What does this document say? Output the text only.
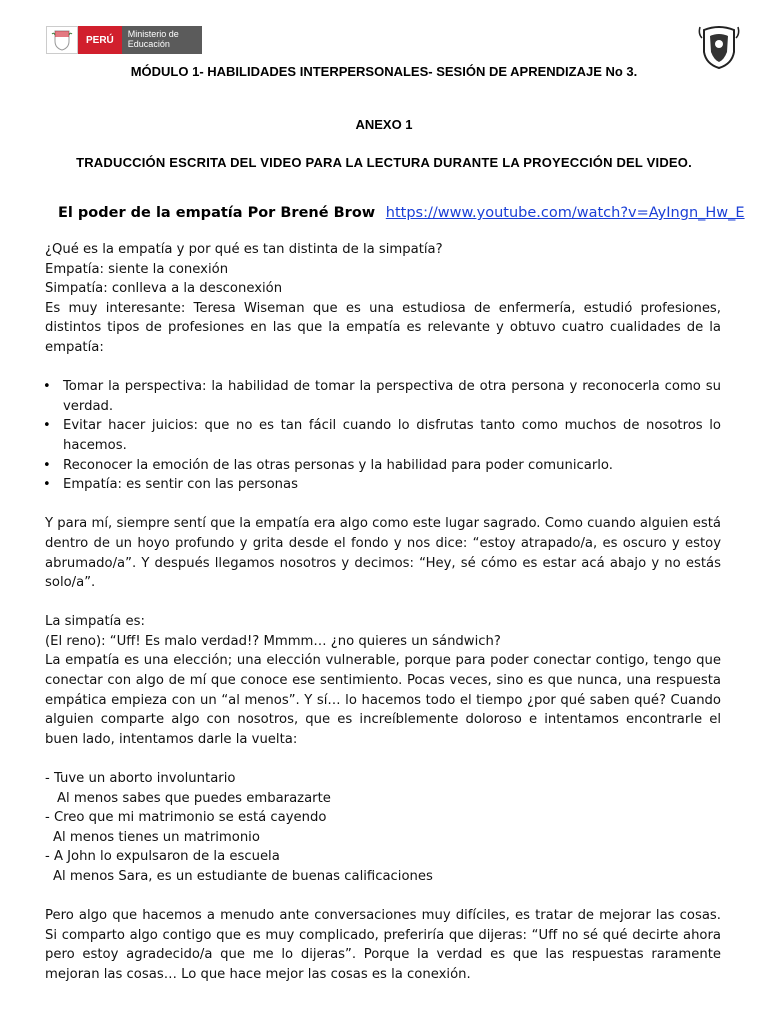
PERÚ
Ministerio de Educación
MÓDULO 1- HABILIDADES INTERPERSONALES- SESIÓN DE APRENDIZAJE No 3.
ANEXO 1
TRADUCCIÓN ESCRITA DEL VIDEO PARA LA LECTURA DURANTE LA PROYECCIÓN DEL VIDEO.
El poder de la empatía Por Brené Brow https://www.youtube.com/watch?v=AyIngn_Hw_E

¿Qué es la empatía y por qué es tan distinta de la simpatía?

Empatía: siente la conexión

Simpatía: conlleva a la desconexión

Es muy interesante: Teresa Wiseman que es una estudiosa de enfermería, estudió profesiones, distintos tipos de profesiones en las que la empatía es relevante y obtuvo cuatro cualidades de la empatía:

• Tomar la perspectiva: la habilidad de tomar la perspectiva de otra persona y reconocerla como su verdad.
• Evitar hacer juicios: que no es tan fácil cuando lo disfrutas tanto como muchos de nosotros lo hacemos.
• Reconocer la emoción de las otras personas y la habilidad para poder comunicarlo.
• Empatía: es sentir con las personas

Y para mí, siempre sentí que la empatía era algo como este lugar sagrado. Como cuando alguien está dentro de un hoyo profundo y grita desde el fondo y nos dice: “estoy atrapado/a, es oscuro y estoy abrumado/a”. Y después llegamos nosotros y decimos: “Hey, sé cómo es estar acá abajo y no estás solo/a”.

La simpatía es:

(El reno): “Uff! Es malo verdad!? Mmmm… ¿no quieres un sándwich?

La empatía es una elección; una elección vulnerable, porque para poder conectar contigo, tengo que conectar con algo de mí que conoce ese sentimiento. Pocas veces, sino es que nunca, una respuesta empática empieza con un “al menos”. Y sí… lo hacemos todo el tiempo ¿por qué saben qué? Cuando alguien comparte algo con nosotros, que es increíblemente doloroso e intentamos encontrarle el buen lado, intentamos darle la vuelta:

- Tuve un aborto involuntario

Al menos sabes que puedes embarazarte

- Creo que mi matrimonio se está cayendo

Al menos tienes un matrimonio

- A John lo expulsaron de la escuela

Al menos Sara, es un estudiante de buenas calificaciones

Pero algo que hacemos a menudo ante conversaciones muy difíciles, es tratar de mejorar las cosas. Si comparto algo contigo que es muy complicado, preferiría que dijeras: “Uff no sé qué decirte ahora pero estoy agradecido/a que me lo dijeras”. Porque la verdad es que las respuestas raramente mejoran las cosas… Lo que hace mejor las cosas es la conexión.
